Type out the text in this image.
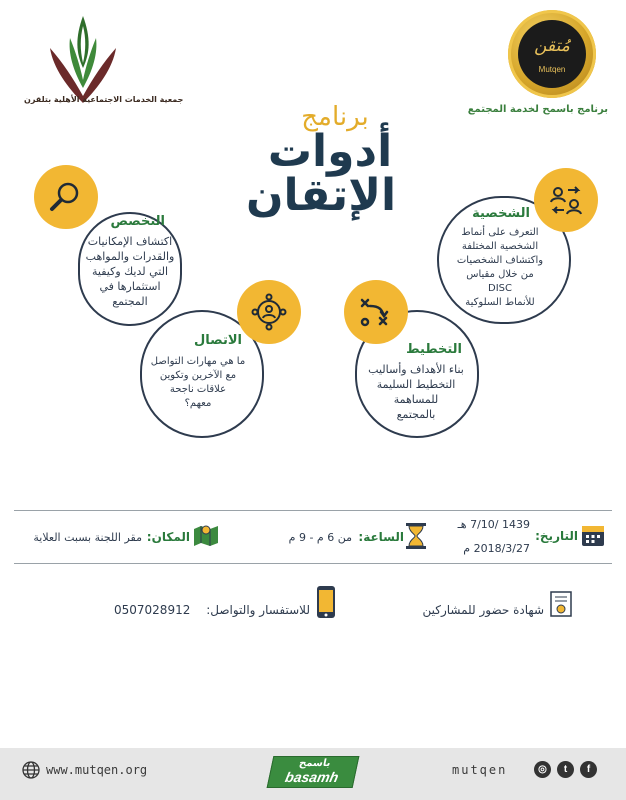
جمعية الخدمات الاجتماعية الأهلية بتلقرن
مُتقن
Mutqen
برنامج باسمح لخدمة المجتمع
برنامج
أدوات
الإتقان	الشخصية
التعرف على أنماط
الشخصية المختلفة
واكتشاف الشخصيات
من خلال مقياس
DISC
للأنماط السلوكية
التخصص
اكتشاف الإمكانيات
والقدرات والمواهب
التي لديك وكيفية
استثمارها في
المجتمع
التخطيط
بناء الأهداف وأساليب
التخطيط السليمة
للمساهمة
بالمجتمع
الاتصال
ما هي مهارات التواصل
مع الآخرين وتكوين
علاقات ناجحة
معهم؟
التاريخ:
1439 /7/10 هـ
2018/3/27 م
الساعة:
من 6 م - 9 م
المكان:
مقر اللجنة بسبت العلاية
شهادة حضور للمشاركين
للاستفسار والتواصل:
0507028912
www.mutqen.org	باسمح
basamh	mutqen	◎	t	f
